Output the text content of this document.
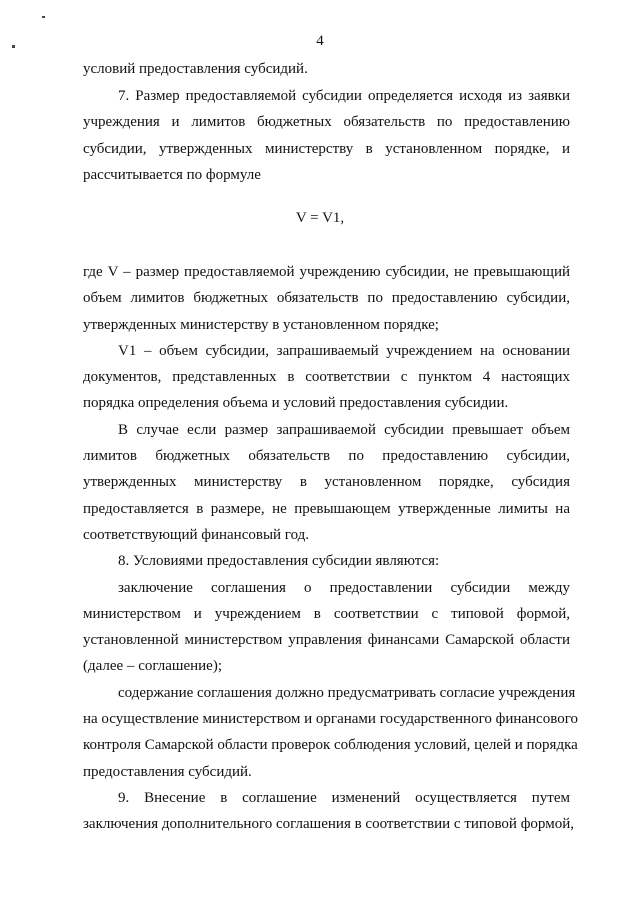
4
условий предоставления субсидий.
7. Размер предоставляемой субсидии определяется исходя из заявки
учреждения и лимитов бюджетных обязательств по предоставлению
субсидии, утвержденных министерству в установленном порядке, и
рассчитывается по формуле
V = V1,
где V – размер предоставляемой учреждению субсидии, не превышающий
объем лимитов бюджетных обязательств по предоставлению субсидии,
утвержденных министерству в установленном порядке;
V1 – объем субсидии, запрашиваемый учреждением на основании
документов, представленных в соответствии с пунктом 4 настоящих
порядка определения объема и условий предоставления субсидии.
В случае если размер запрашиваемой субсидии превышает объем
лимитов бюджетных обязательств по предоставлению субсидии,
утвержденных министерству в установленном порядке, субсидия
предоставляется в размере, не превышающем утвержденные лимиты на
соответствующий финансовый год.
8. Условиями предоставления субсидии являются:
заключение соглашения о предоставлении субсидии между
министерством и учреждением в соответствии с типовой формой,
установленной министерством управления финансами Самарской области
(далее – соглашение);
содержание соглашения должно предусматривать согласие учреждения
на осуществление министерством и органами государственного финансового
контроля Самарской области проверок соблюдения условий, целей и порядка
предоставления субсидий.
9. Внесение в соглашение изменений осуществляется путем
заключения дополнительного соглашения в соответствии с типовой формой,
